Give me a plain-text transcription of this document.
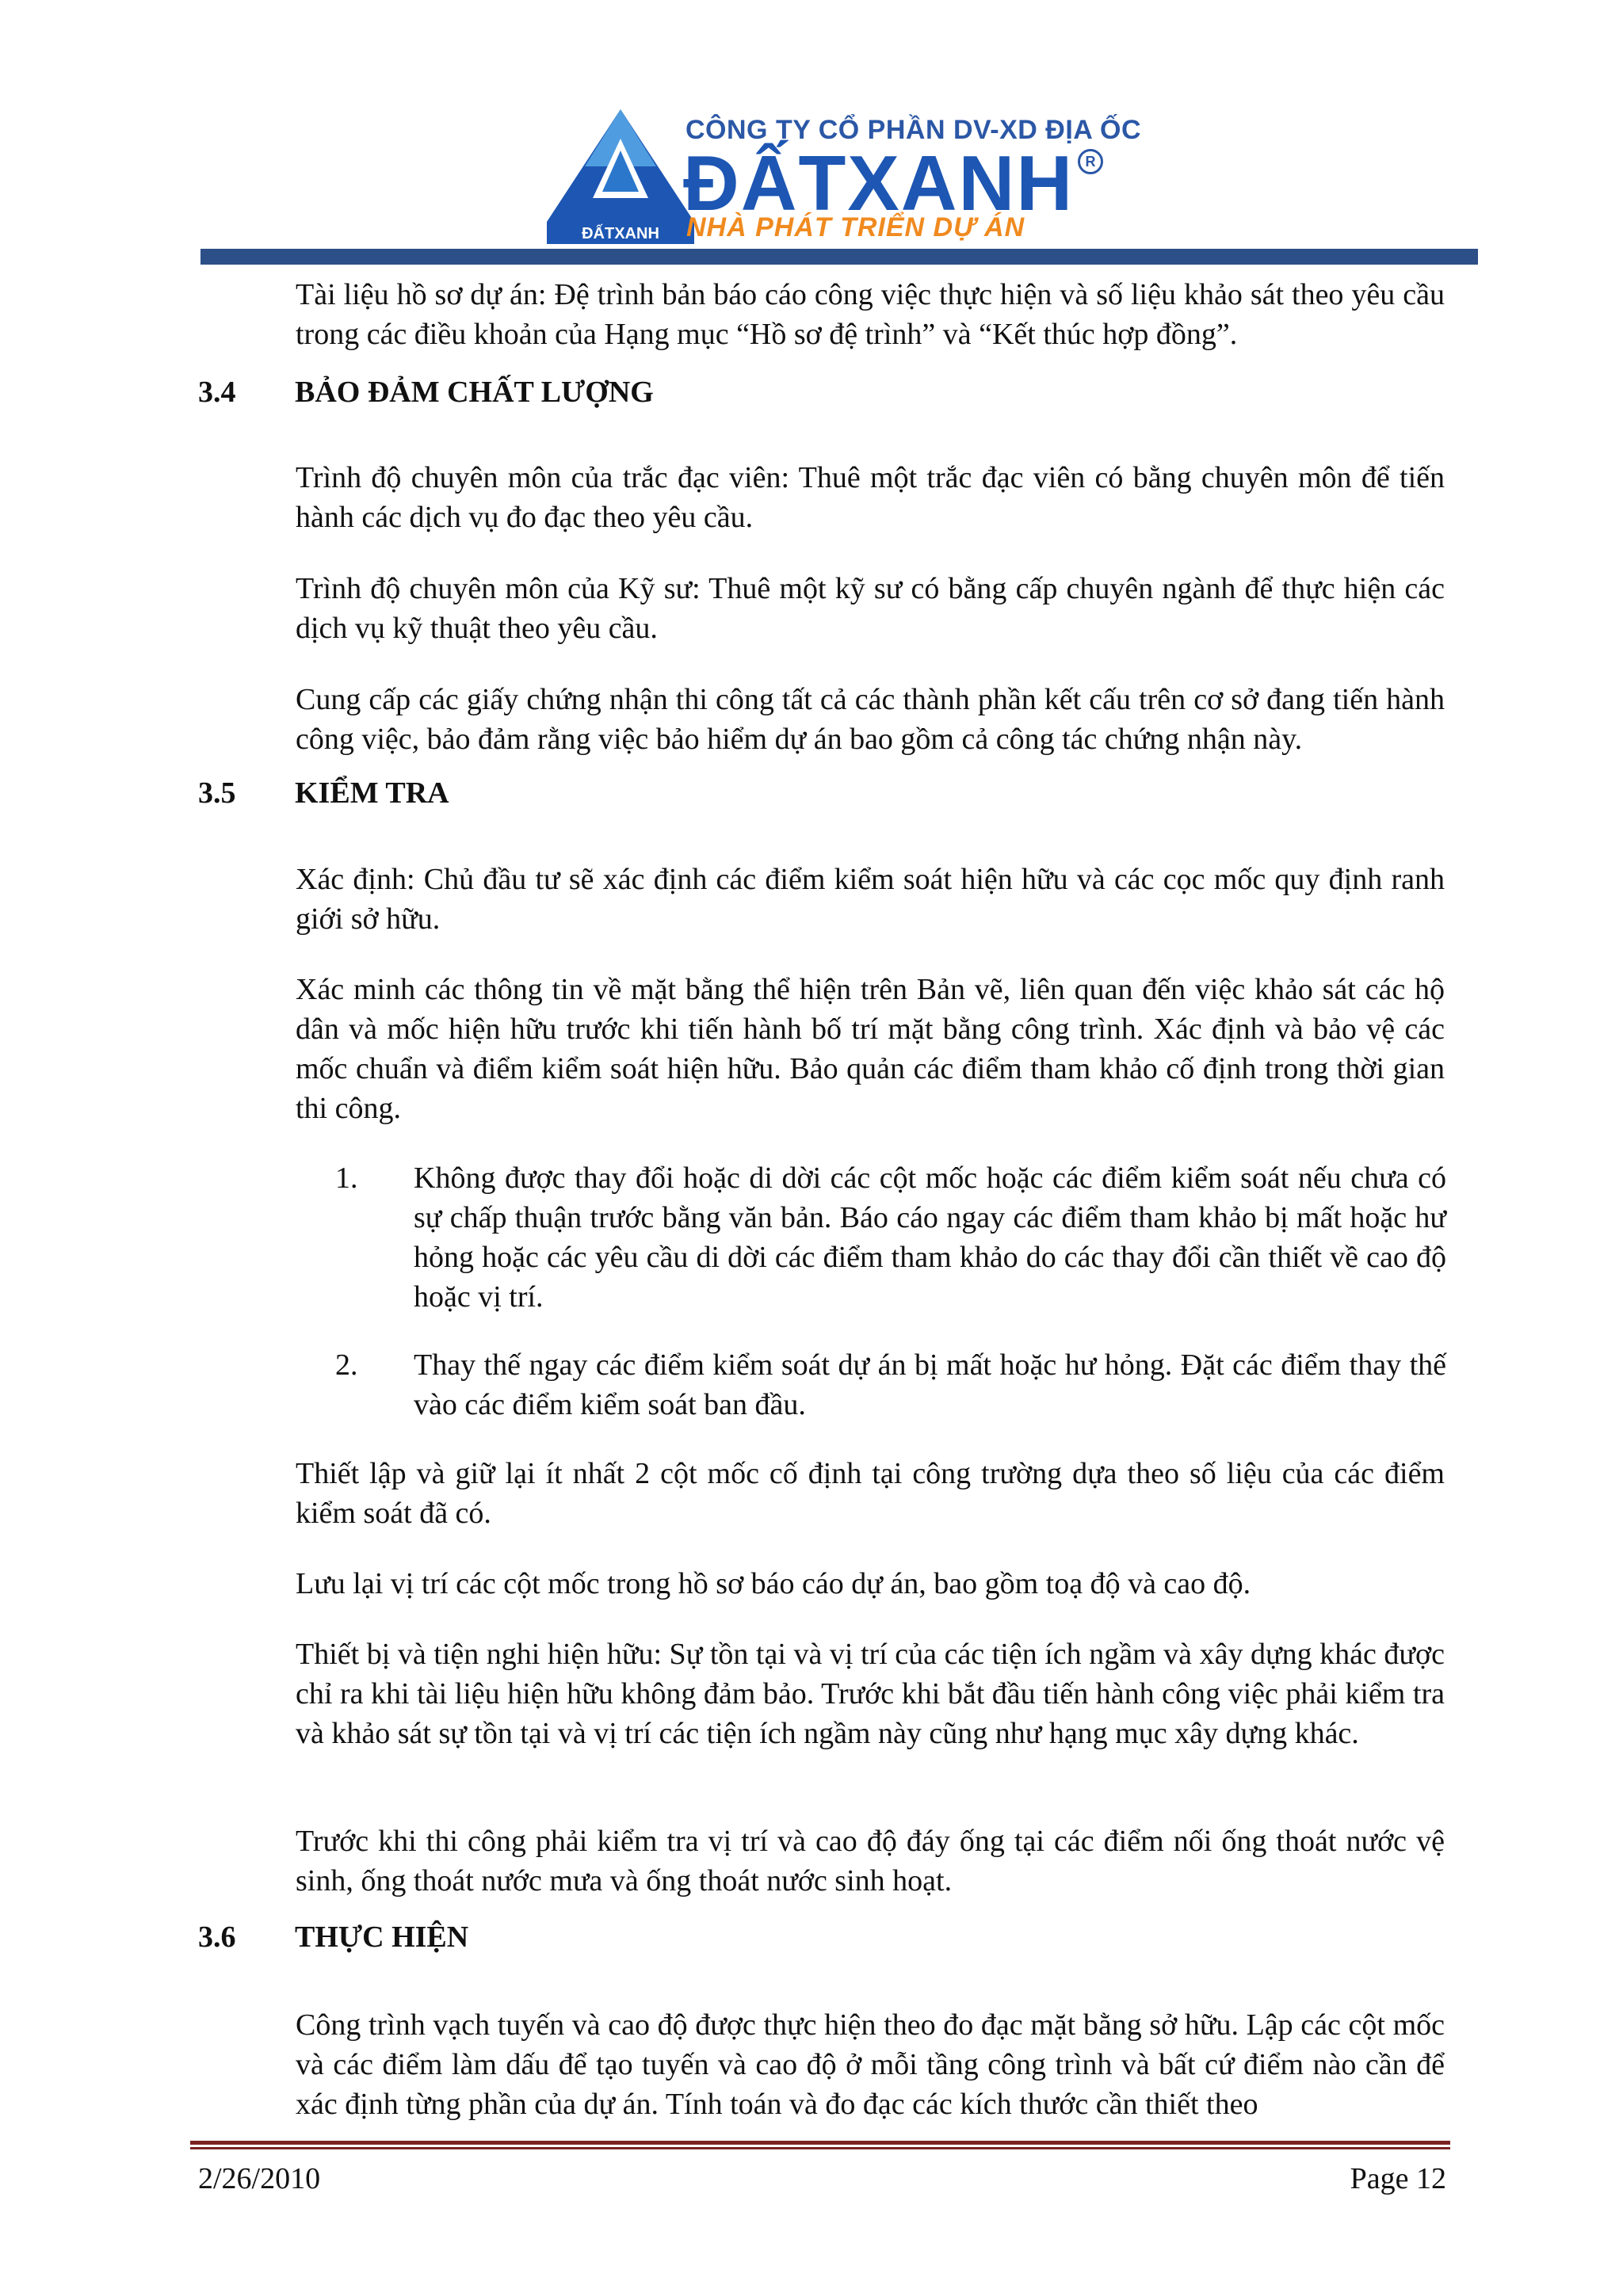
ĐẤTXANH
CÔNG TY CỔ PHẦN DV-XD ĐỊA ỐC
ĐẤTXANH R
NHÀ PHÁT TRIỂN DỰ ÁN
Tài liệu hồ sơ dự án: Đệ trình bản báo cáo công việc thực hiện và số liệu khảo sát theo yêu cầu trong các điều khoản của Hạng mục “Hồ sơ đệ trình” và “Kết thúc hợp đồng”.
3.4 BẢO ĐẢM CHẤT LƯỢNG
Trình độ chuyên môn của trắc đạc viên: Thuê một trắc đạc viên có bằng chuyên môn để tiến hành các dịch vụ đo đạc theo yêu cầu.
Trình độ chuyên môn của Kỹ sư: Thuê một kỹ sư có bằng cấp chuyên ngành để thực hiện các dịch vụ kỹ thuật theo yêu cầu.
Cung cấp các giấy chứng nhận thi công tất cả các thành phần kết cấu trên cơ sở đang tiến hành công việc, bảo đảm rằng việc bảo hiểm dự án bao gồm cả công tác chứng nhận này.
3.5 KIỂM TRA
Xác định: Chủ đầu tư sẽ xác định các điểm kiểm soát hiện hữu và các cọc mốc quy định ranh giới sở hữu.
Xác minh các thông tin về mặt bằng thể hiện trên Bản vẽ, liên quan đến việc khảo sát các hộ dân và mốc hiện hữu trước khi tiến hành bố trí mặt bằng công trình. Xác định và bảo vệ các mốc chuẩn và điểm kiểm soát hiện hữu. Bảo quản các điểm tham khảo cố định trong thời gian thi công.
1. Không được thay đổi hoặc di dời các cột mốc hoặc các điểm kiểm soát nếu chưa có sự chấp thuận trước bằng văn bản. Báo cáo ngay các điểm tham khảo bị mất hoặc hư hỏng hoặc các yêu cầu di dời các điểm tham khảo do các thay đổi cần thiết về cao độ hoặc vị trí.
2. Thay thế ngay các điểm kiểm soát dự án bị mất hoặc hư hỏng. Đặt các điểm thay thế vào các điểm kiểm soát ban đầu.
Thiết lập và giữ lại ít nhất 2 cột mốc cố định tại công trường dựa theo số liệu của các điểm kiểm soát đã có.
Lưu lại vị trí các cột mốc trong hồ sơ báo cáo dự án, bao gồm toạ độ và cao độ.
Thiết bị và tiện nghi hiện hữu: Sự tồn tại và vị trí của các tiện ích ngầm và xây dựng khác được chỉ ra khi tài liệu hiện hữu không đảm bảo. Trước khi bắt đầu tiến hành công việc phải kiểm tra và khảo sát sự tồn tại và vị trí các tiện ích ngầm này cũng như hạng mục xây dựng khác.
Trước khi thi công phải kiểm tra vị trí và cao độ đáy ống tại các điểm nối ống thoát nước vệ sinh, ống thoát nước mưa và ống thoát nước sinh hoạt.
3.6 THỰC HIỆN
Công trình vạch tuyến và cao độ được thực hiện theo đo đạc mặt bằng sở hữu. Lập các cột mốc và các điểm làm dấu để tạo tuyến và cao độ ở mỗi tầng công trình và bất cứ điểm nào cần để xác định từng phần của dự án. Tính toán và đo đạc các kích thước cần thiết theo
2/26/2010	Page 12
